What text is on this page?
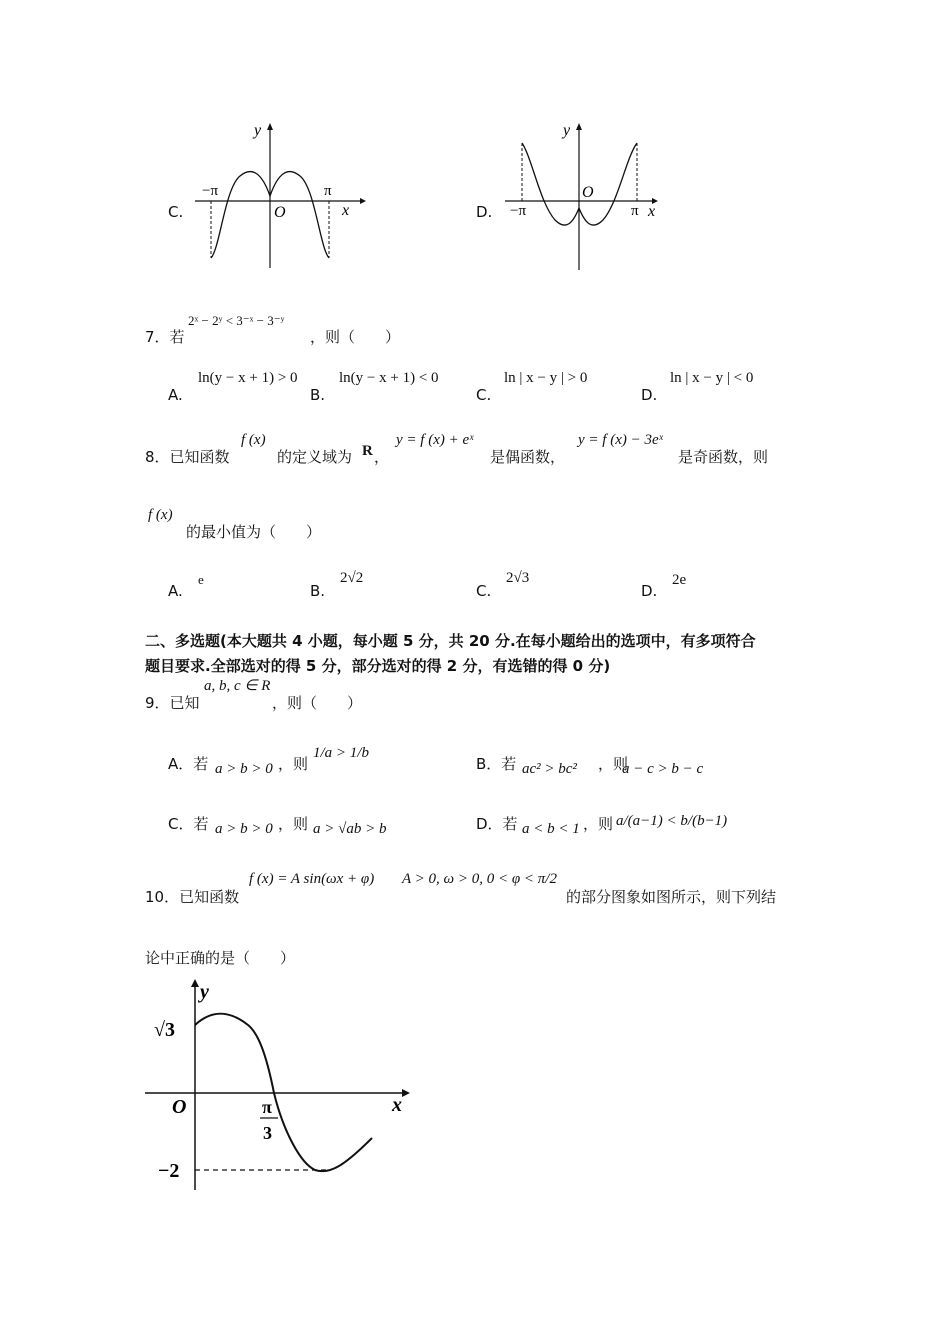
C.
y
x
O
−π	π
D.
y
x
O
−π	π
7．若
2ˣ − 2ʸ < 3⁻ˣ − 3⁻ʸ
，则（　　）
A.
ln(y − x + 1) > 0
B.
ln(y − x + 1) < 0
C.
ln | x − y | > 0
D.
ln | x − y | < 0
8．已知函数
f (x)
的定义域为 R ，
y = f (x) + eˣ
是偶函数，
y = f (x) − 3eˣ
是奇函数，则
f (x)
的最小值为（　　）
A.
e
B.
2√2
C.
2√3
D.
2e
二、多选题(本大题共 4 小题，每小题 5 分，共 20 分.在每小题给出的选项中，有多项符合
题目要求.全部选对的得 5 分，部分选对的得 2 分，有选错的得 0 分)
9．已知
a, b, c ∈ R
，则（　　）
A．若 a > b > 0 ，则
1/a > 1/b
B．若 ac² > bc² ，则
a − c > b − c
C．若 a > b > 0 ，则 a > √ab > b	D．若 a < b < 1 ，则 a/(a−1) < b/(b−1)
10．已知函数
f (x) = A sin(ωx + φ) A > 0, ω > 0, 0 < φ < π/2
的部分图象如图所示，则下列结
论中正确的是（　　）
y
x
O
√3
π
3
−2
